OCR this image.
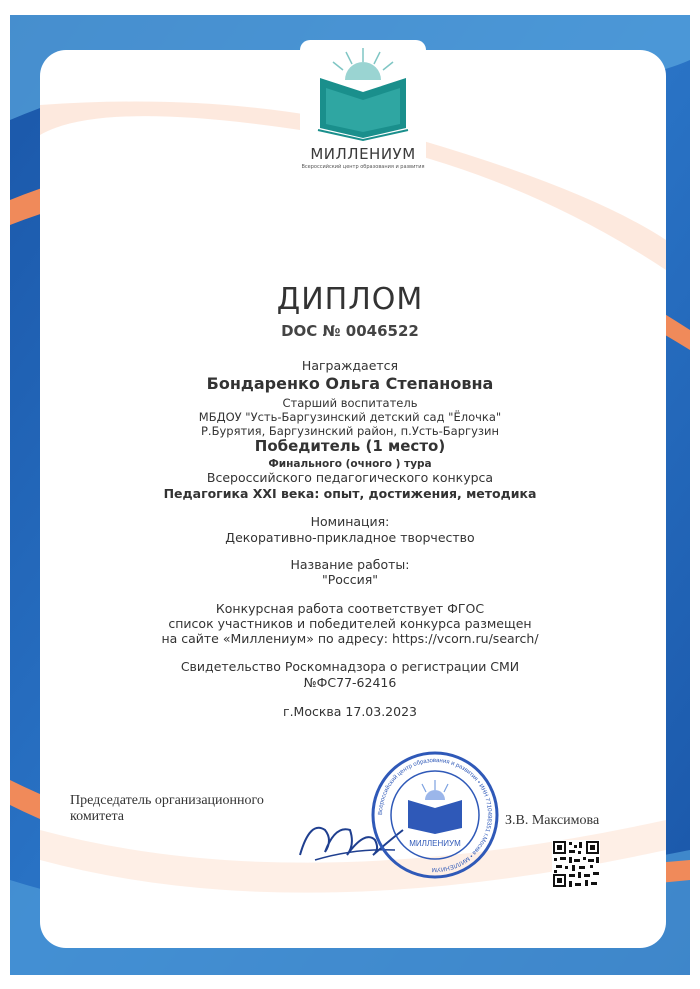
МИЛЛЕНИУМ
Всероссийский центр образования и развития
ДИПЛОМ
DOC № 0046522
Награждается
Бондаренко Ольга Степановна
Старший воспитатель
МБДОУ "Усть-Баргузинский детский сад "Ёлочка"
Р.Бурятия, Баргузинский район, п.Усть-Баргузин
Победитель (1 место)
Финального (очного ) тура
Всероссийского педагогического конкурса
Педагогика XXI века: опыт, достижения, методика
Номинация:
Декоративно-прикладное творчество
Название работы:
"Россия"
Конкурсная работа соответствует ФГОС
список участников и победителей конкурса размещен
на сайте «Миллениум» по адресу: https://vcorn.ru/search/
Свидетельство Роскомнадзора о регистрации СМИ
№ФС77-62416
г.Москва 17.03.2023
Председатель организационного комитета
МИЛЛЕНИУМ
Всероссийский центр образования и развития • ИНН 7710498351 г.Москва • МИЛЛЕНИУМ
З.В. Максимова
